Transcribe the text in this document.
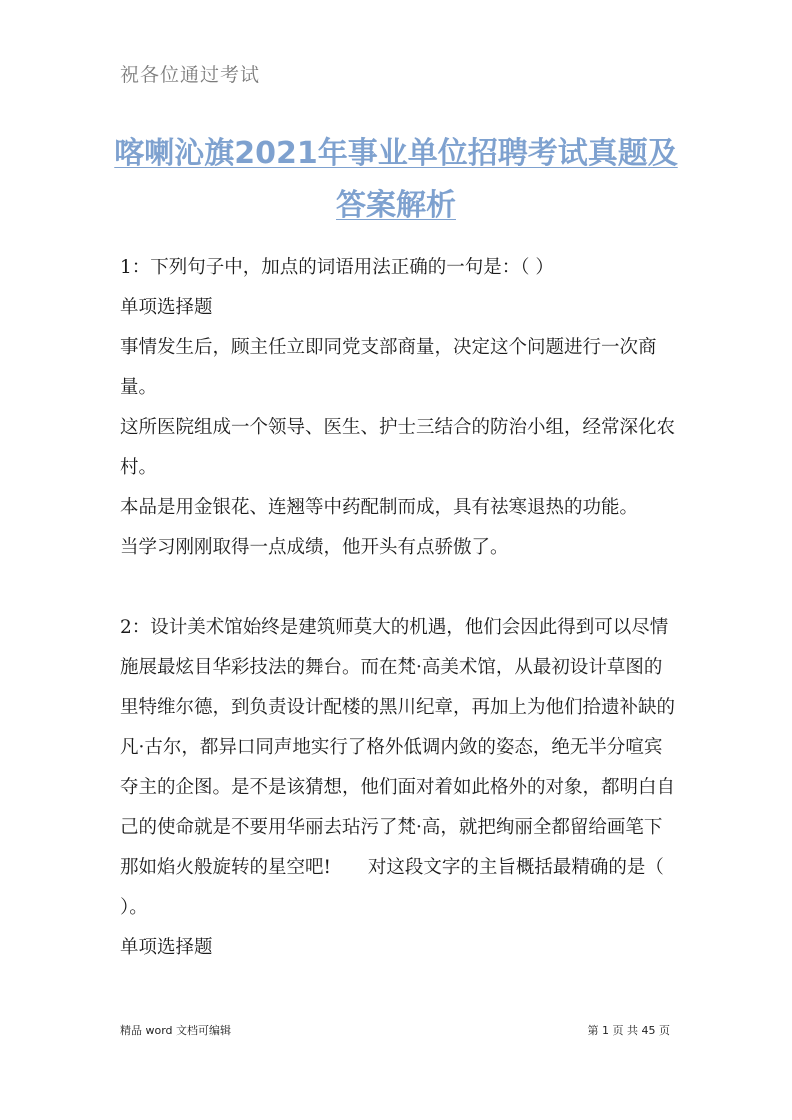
祝各位通过考试
喀喇沁旗2021年事业单位招聘考试真题及答案解析

1：下列句子中，加点的词语用法正确的一句是：（ ）

单项选择题

事情发生后，顾主任立即同党支部商量，决定这个问题进行一次商量。

这所医院组成一个领导、医生、护士三结合的防治小组，经常深化农村。

本品是用金银花、连翘等中药配制而成，具有祛寒退热的功能。

当学习刚刚取得一点成绩，他开头有点骄傲了。

2：设计美术馆始终是建筑师莫大的机遇，他们会因此得到可以尽情施展最炫目华彩技法的舞台。而在梵·高美术馆，从最初设计草图的里特维尔德，到负责设计配楼的黑川纪章，再加上为他们拾遗补缺的凡·古尔，都异口同声地实行了格外低调内敛的姿态，绝无半分喧宾夺主的企图。是不是该猜想，他们面对着如此格外的对象，都明白自己的使命就是不要用华丽去玷污了梵·高，就把绚丽全都留给画笔下那如焰火般旋转的星空吧!　　对这段文字的主旨概括最精确的是（ ）。

单项选择题

精品 word 文档可编辑	第 1 页 共 45 页
